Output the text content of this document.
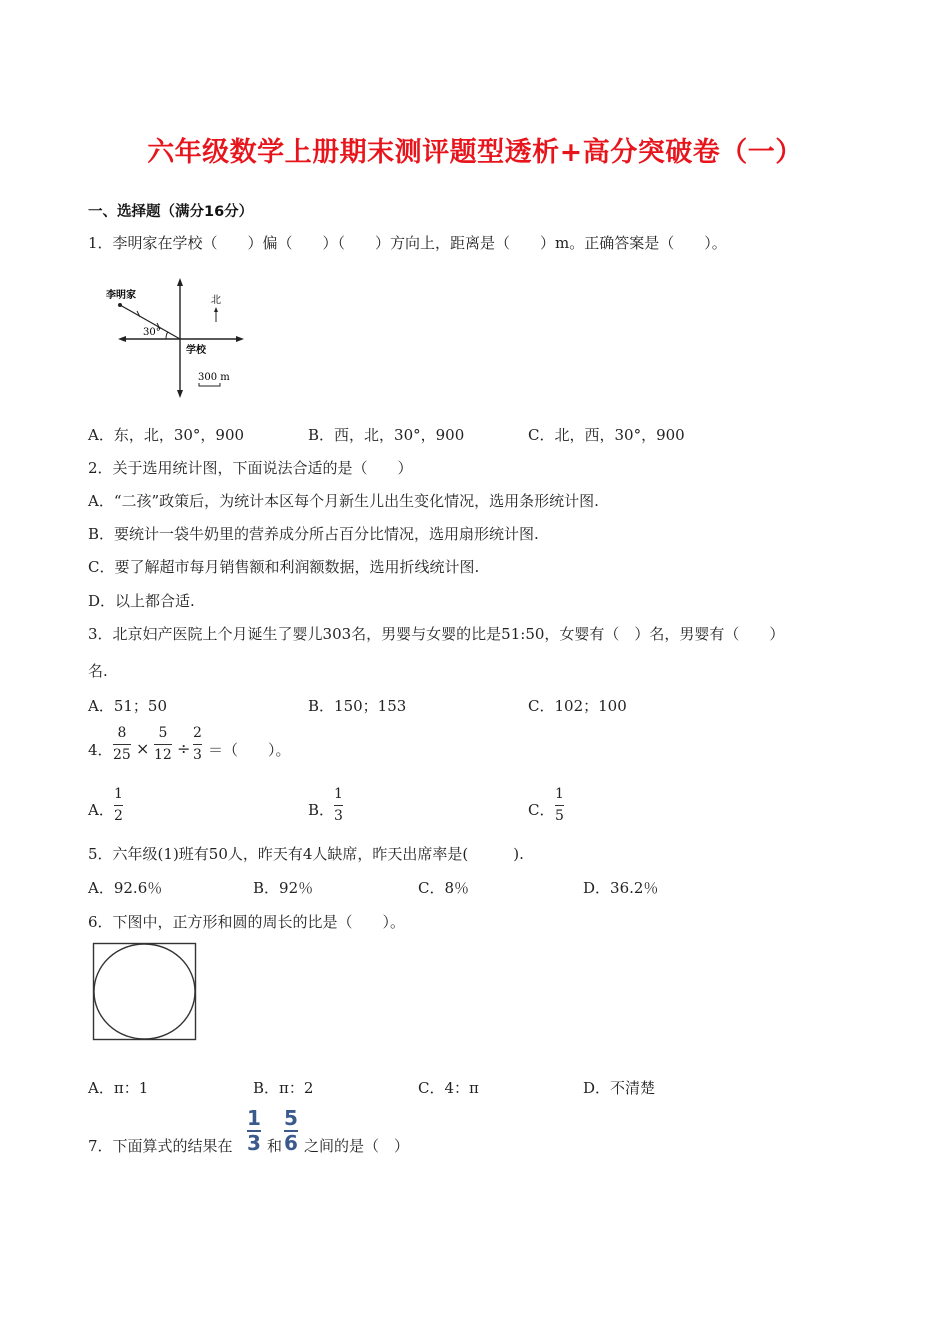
六年级数学上册期末测评题型透析+高分突破卷（一）
一、选择题（满分16分）
1．李明家在学校（　　）偏（　　）（　　）方向上，距离是（　　）m。正确答案是（　　）。
李明家
30°
学校
北
300 m
A．东，北，30°，900	B．西，北，30°，900	C．北，西，30°，900
2．关于选用统计图，下面说法合适的是（　　）
A．“二孩”政策后，为统计本区每个月新生儿出生变化情况，选用条形统计图.
B．要统计一袋牛奶里的营养成分所占百分比情况，选用扇形统计图.
C．要了解超市每月销售额和利润额数据，选用折线统计图.
D．以上都合适.
3．北京妇产医院上个月诞生了婴儿303名，男婴与女婴的比是51:50，女婴有（　）名，男婴有（　　）
名.
A．51；50	B．150；153	C．102；100
4．
8
25 ×
5
12 ÷
2
3 ＝（　　）。
A．
1
2	B．
1
3	C．
1
5
5．六年级(1)班有50人，昨天有4人缺席，昨天出席率是(　　　).
A．92.6％	B．92％	C．8％	D．36.2％
6．下图中，正方形和圆的周长的比是（　　）。
A．π：1	B．π：2	C．4：π	D．不清楚
7．下面算式的结果在
1
3 和
5
6 之间的是（　）
